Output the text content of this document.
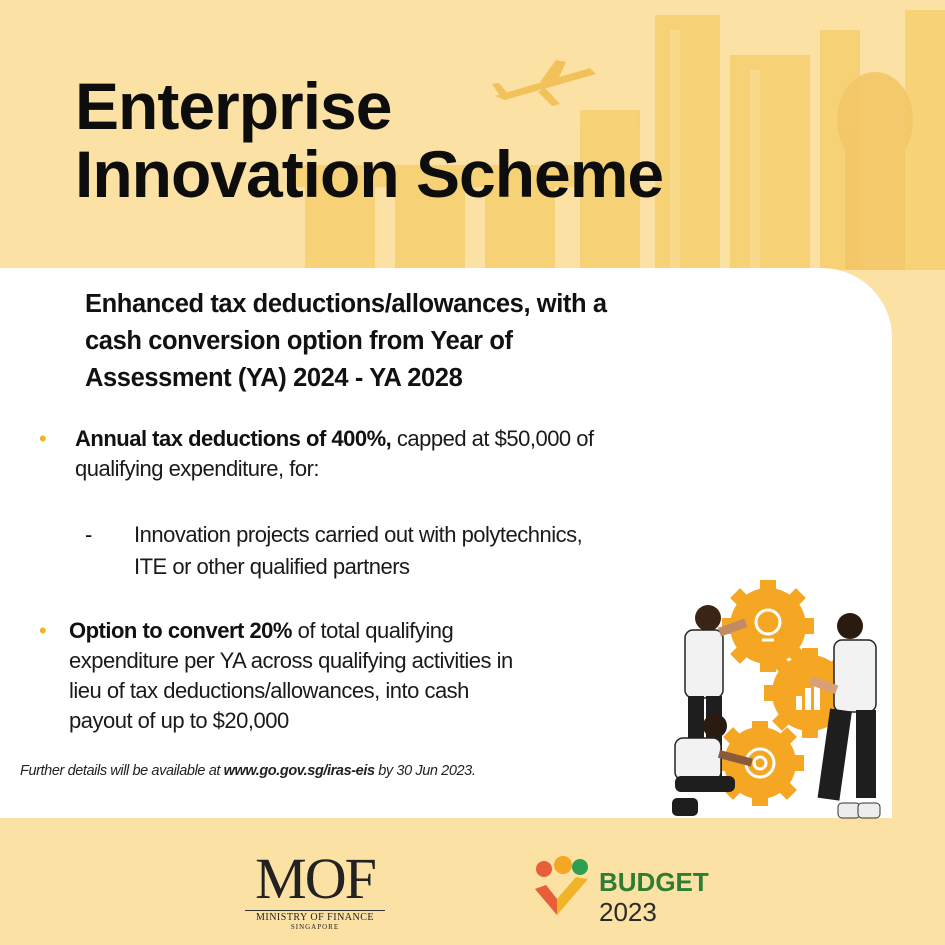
Enterprise
Innovation Scheme
Enhanced tax deductions/allowances, with a
cash conversion option from Year of
Assessment (YA) 2024 - YA 2028
• Annual tax deductions of 400%, capped at $50,000 of
qualifying expenditure, for:
- Innovation projects carried out with polytechnics,
ITE or other qualified partners
• Option to convert 20% of total qualifying
expenditure per YA across qualifying activities in
lieu of tax deductions/allowances, into cash
payout of up to $20,000
Further details will be available at www.go.gov.sg/iras-eis by 30 Jun 2023.
MOF
MINISTRY OF FINANCE
SINGAPORE
BUDGET
2023
